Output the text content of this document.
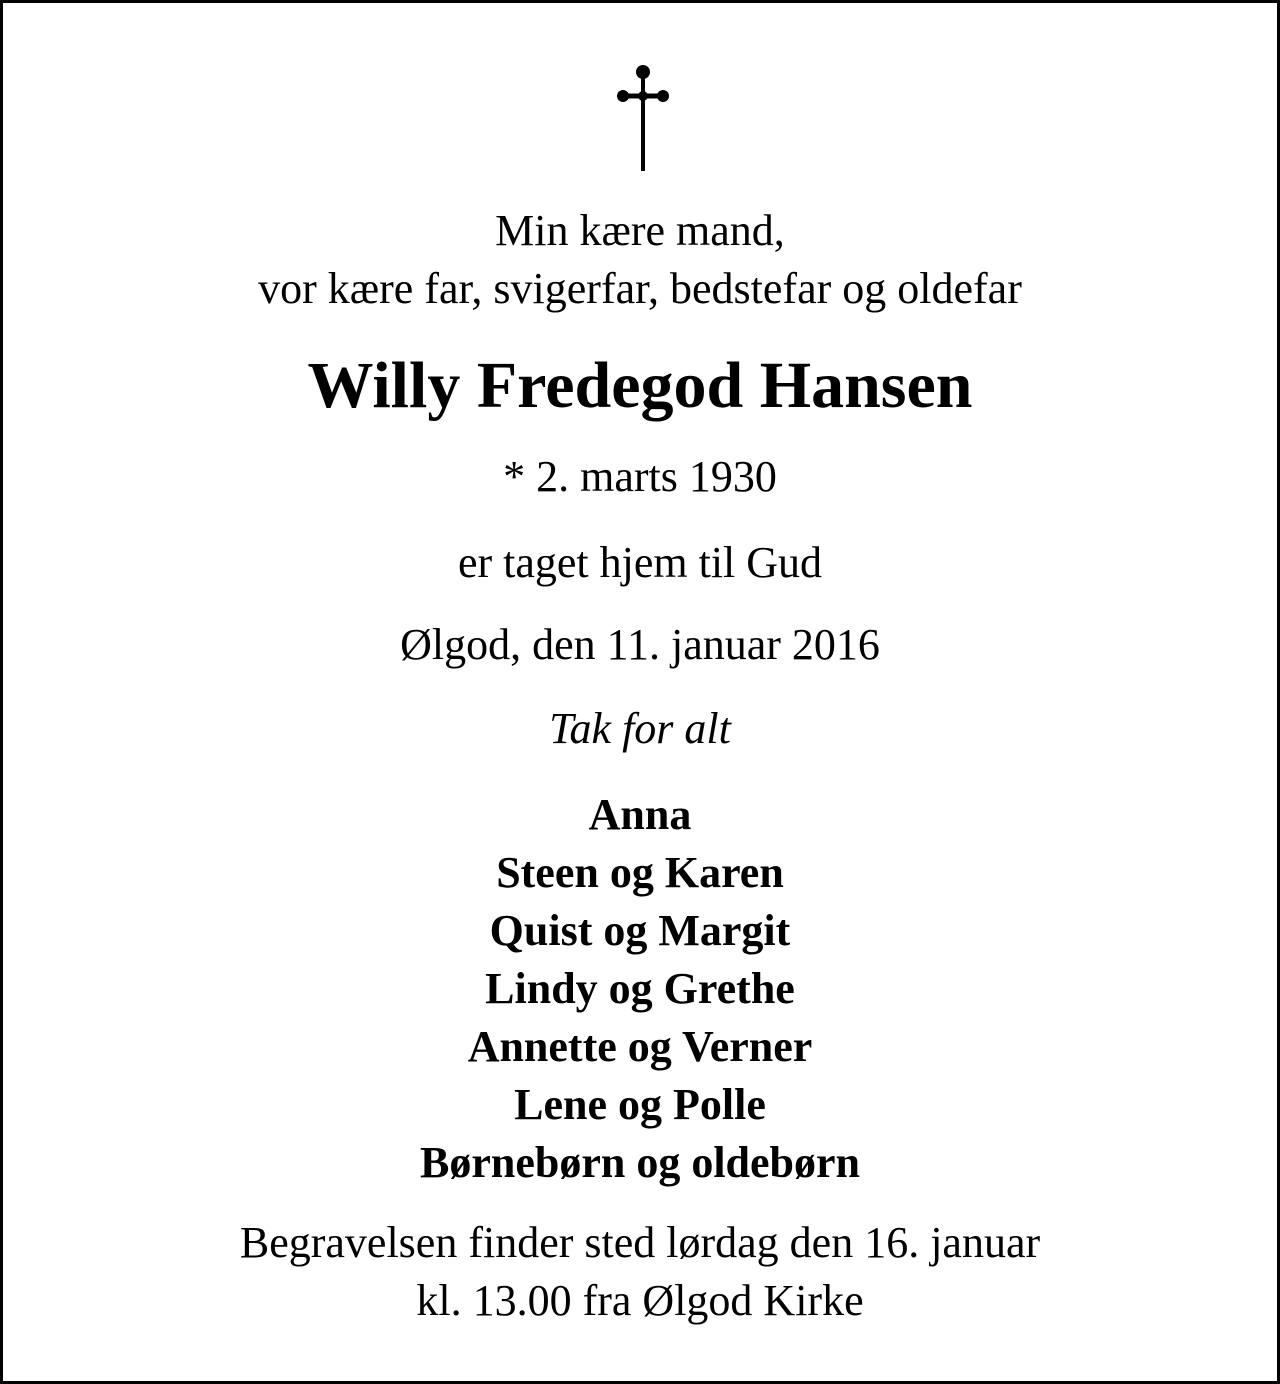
Min kære mand,
vor kære far, svigerfar, bedstefar og oldefar
Willy Fredegod Hansen
* 2. marts 1930
er taget hjem til Gud
Ølgod, den 11. januar 2016
Tak for alt
Anna
Steen og Karen
Quist og Margit
Lindy og Grethe
Annette og Verner
Lene og Polle
Børnebørn og oldebørn
Begravelsen finder sted lørdag den 16. januar
kl. 13.00 fra Ølgod Kirke
